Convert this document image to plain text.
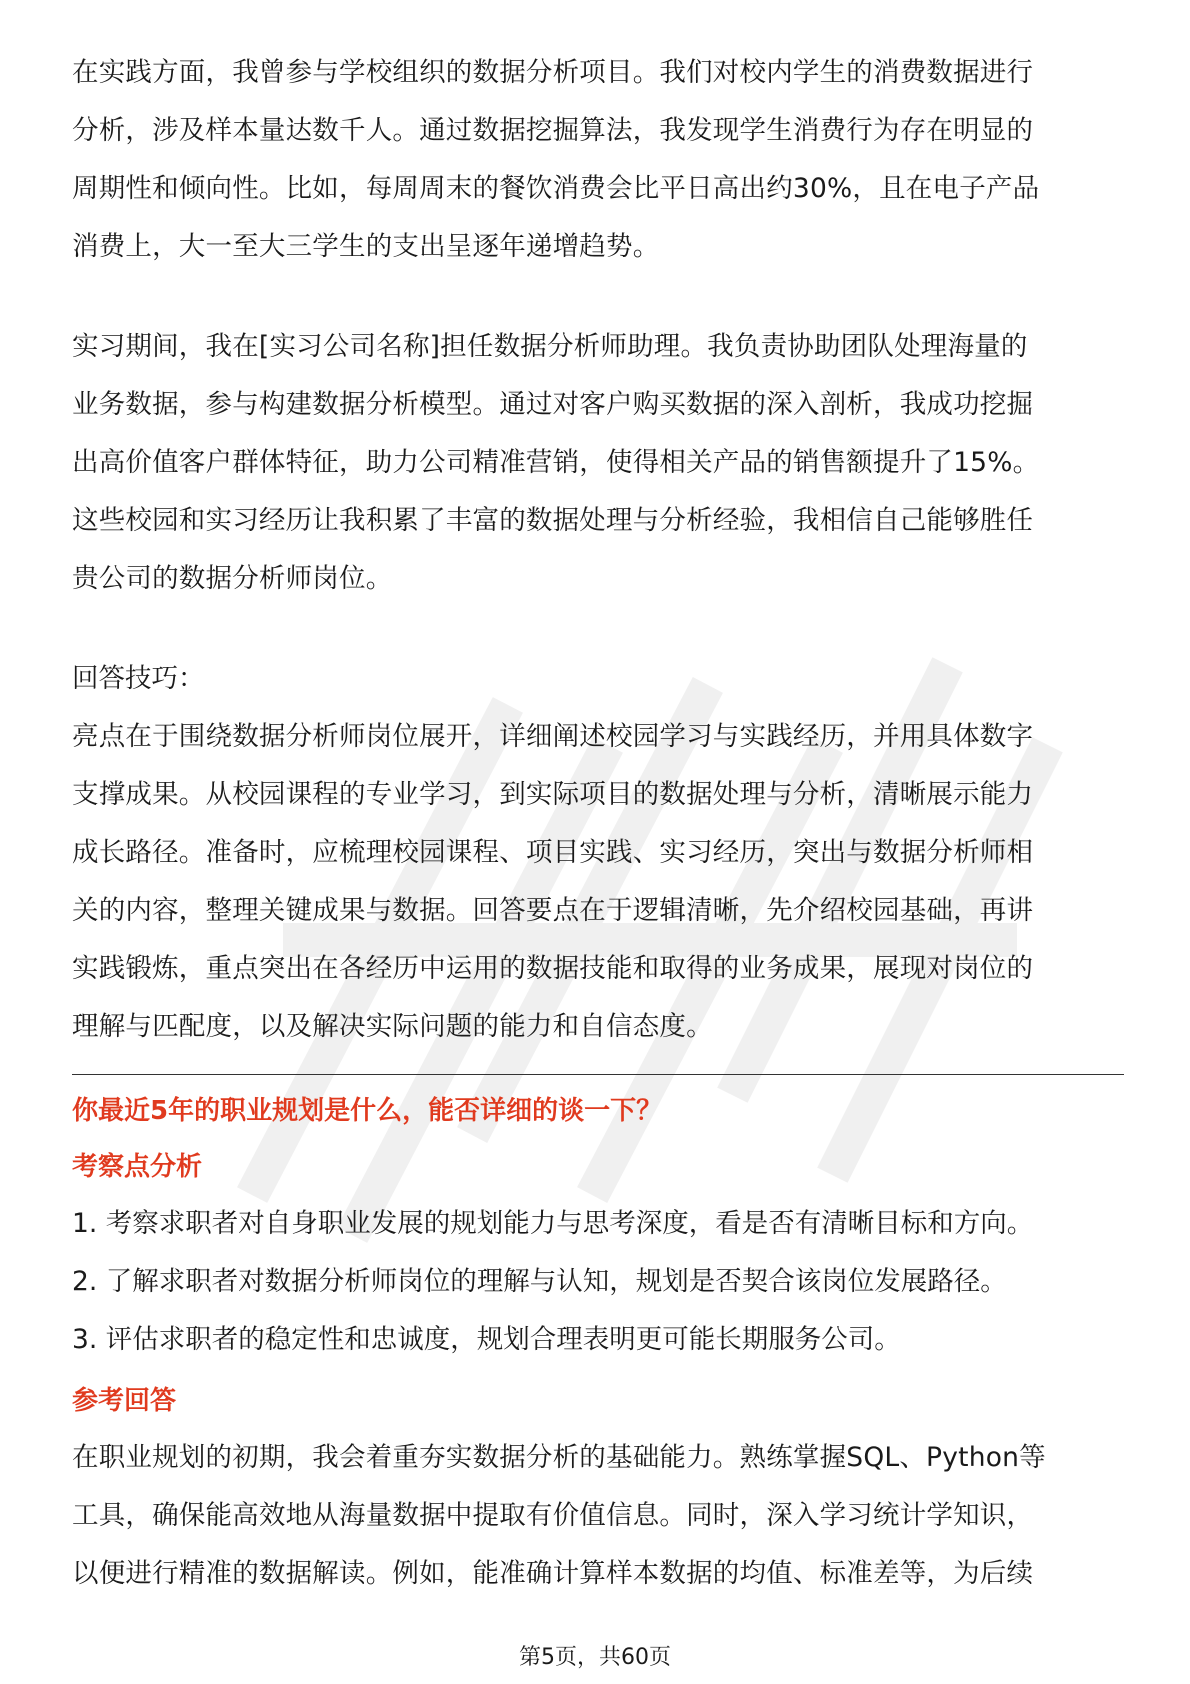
在实践方面，我曾参与学校组织的数据分析项目。我们对校内学生的消费数据进行
分析，涉及样本量达数千人。通过数据挖掘算法，我发现学生消费行为存在明显的
周期性和倾向性。比如，每周周末的餐饮消费会比平日高出约30%，且在电子产品
消费上，大一至大三学生的支出呈逐年递增趋势。

实习期间，我在[实习公司名称]担任数据分析师助理。我负责协助团队处理海量的
业务数据，参与构建数据分析模型。通过对客户购买数据的深入剖析，我成功挖掘
出高价值客户群体特征，助力公司精准营销，使得相关产品的销售额提升了15%。
这些校园和实习经历让我积累了丰富的数据处理与分析经验，我相信自己能够胜任
贵公司的数据分析师岗位。

回答技巧：

亮点在于围绕数据分析师岗位展开，详细阐述校园学习与实践经历，并用具体数字
支撑成果。从校园课程的专业学习，到实际项目的数据处理与分析，清晰展示能力
成长路径。准备时，应梳理校园课程、项目实践、实习经历，突出与数据分析师相
关的内容，整理关键成果与数据。回答要点在于逻辑清晰，先介绍校园基础，再讲
实践锻炼，重点突出在各经历中运用的数据技能和取得的业务成果，展现对岗位的
理解与匹配度，以及解决实际问题的能力和自信态度。

你最近5年的职业规划是什么，能否详细的谈一下？

考察点分析

1. 考察求职者对自身职业发展的规划能力与思考深度，看是否有清晰目标和方向。
2. 了解求职者对数据分析师岗位的理解与认知，规划是否契合该岗位发展路径。
3. 评估求职者的稳定性和忠诚度，规划合理表明更可能长期服务公司。

参考回答

在职业规划的初期，我会着重夯实数据分析的基础能力。熟练掌握SQL、Python等
工具，确保能高效地从海量数据中提取有价值信息。同时，深入学习统计学知识，
以便进行精准的数据解读。例如，能准确计算样本数据的均值、标准差等，为后续

第5页，共60页
